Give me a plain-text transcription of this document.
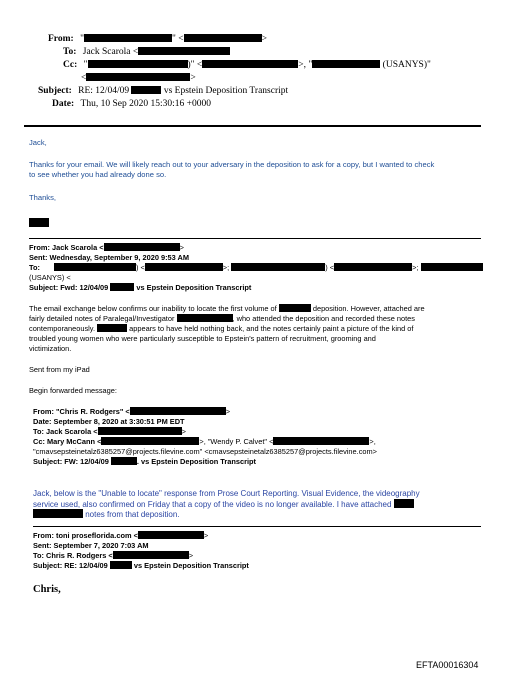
From: "	" <	>
To: Jack Scarola <
Cc: "	)" <	>, "	(USANYS)"
<	>
Subject: RE: 12/04/09	vs Epstein Deposition Transcript
Date: Thu, 10 Sep 2020 15:30:16 +0000
Jack,
Thanks for your email. We will likely reach out to your adversary in the deposition to ask for a copy, but I wanted to check
to see whether you had already done so.
Thanks,
From: Jack Scarola <	>
Sent: Wednesday, September 9, 2020 9:53 AM
To:	) <	>;	) <	>;
(USANYS) <
Subject: Fwd: 12/04/09	vs Epstein Deposition Transcript
The email exchange below confirms our inability to locate the first volume of	deposition. However, attached are
fairly detailed notes of Paralegal/Investigator	, who attended the deposition and recorded these notes
contemporaneously.	appears to have held nothing back, and the notes certainly paint a picture of the kind of
troubled young women who were particularly susceptible to Epstein's pattern of recruitment, grooming and
victimization.
Sent from my iPad
Begin forwarded message:
From: "Chris R. Rodgers" <	>
Date: September 8, 2020 at 3:30:51 PM EDT
To: Jack Scarola <	>
Cc: Mary McCann <	>, "Wendy P. Calvet" <	>,
"cmavsepsteinetalz6385257@projects.filevine.com" <cmavsepsteinetalz6385257@projects.filevine.com>
Subject: FW: 12/04/09	. vs Epstein Deposition Transcript
Jack, below is the "Unable to locate" response from Prose Court Reporting. Visual Evidence, the videography
service used, also confirmed on Friday that a copy of the video is no longer available. I have attached
notes from that deposition.
From: toni proseflorida.com <	>
Sent: September 7, 2020 7:03 AM
To: Chris R. Rodgers <	>
Subject: RE: 12/04/09	vs Epstein Deposition Transcript
Chris,
EFTA00016304
